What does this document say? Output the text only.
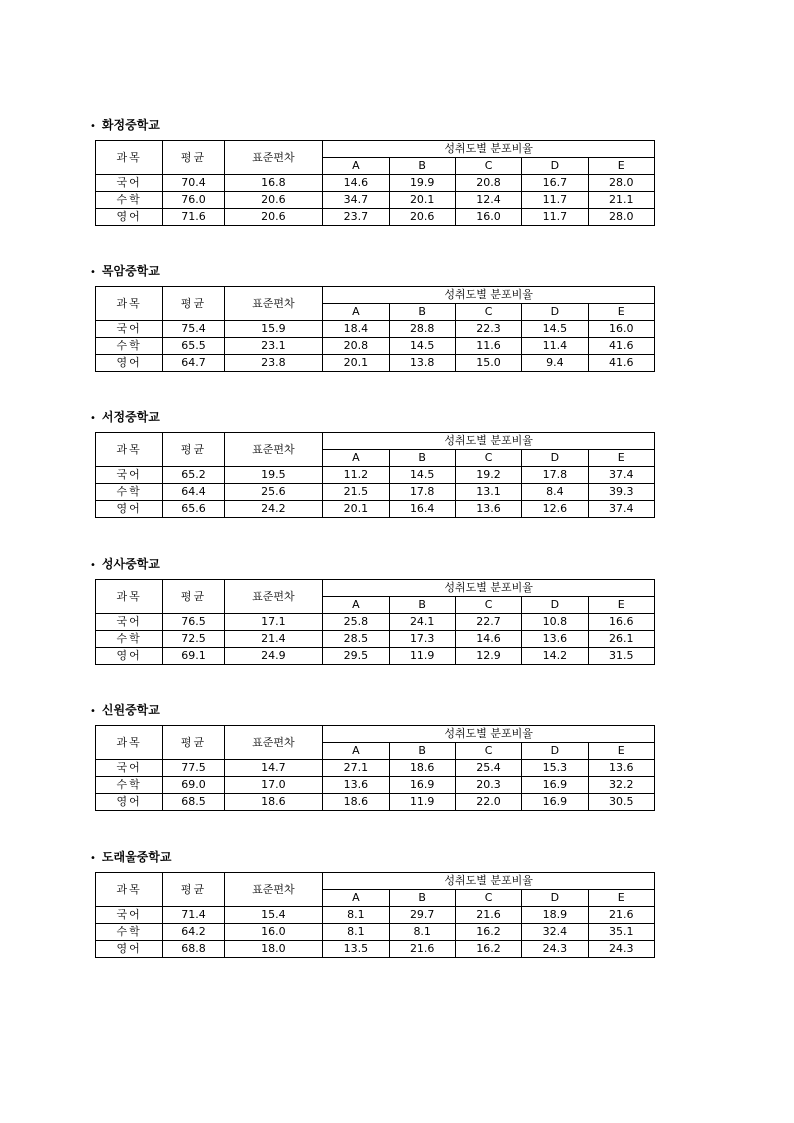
• 화정중학교
과목	평균	표준편차	성취도별 분포비율				
			A	B	C	D	E
국어	70.4	16.8	14.6	19.9	20.8	16.7	28.0
수학	76.0	20.6	34.7	20.1	12.4	11.7	21.1
영어	71.6	20.6	23.7	20.6	16.0	11.7	28.0
• 목암중학교
과목	평균	표준편차	성취도별 분포비율				
			A	B	C	D	E
국어	75.4	15.9	18.4	28.8	22.3	14.5	16.0
수학	65.5	23.1	20.8	14.5	11.6	11.4	41.6
영어	64.7	23.8	20.1	13.8	15.0	9.4	41.6
• 서정중학교
과목	평균	표준편차	성취도별 분포비율				
			A	B	C	D	E
국어	65.2	19.5	11.2	14.5	19.2	17.8	37.4
수학	64.4	25.6	21.5	17.8	13.1	8.4	39.3
영어	65.6	24.2	20.1	16.4	13.6	12.6	37.4
• 성사중학교
과목	평균	표준편차	성취도별 분포비율				
			A	B	C	D	E
국어	76.5	17.1	25.8	24.1	22.7	10.8	16.6
수학	72.5	21.4	28.5	17.3	14.6	13.6	26.1
영어	69.1	24.9	29.5	11.9	12.9	14.2	31.5
• 신원중학교
과목	평균	표준편차	성취도별 분포비율				
			A	B	C	D	E
국어	77.5	14.7	27.1	18.6	25.4	15.3	13.6
수학	69.0	17.0	13.6	16.9	20.3	16.9	32.2
영어	68.5	18.6	18.6	11.9	22.0	16.9	30.5
• 도래울중학교
과목	평균	표준편차	성취도별 분포비율				
			A	B	C	D	E
국어	71.4	15.4	8.1	29.7	21.6	18.9	21.6
수학	64.2	16.0	8.1	8.1	16.2	32.4	35.1
영어	68.8	18.0	13.5	21.6	16.2	24.3	24.3
